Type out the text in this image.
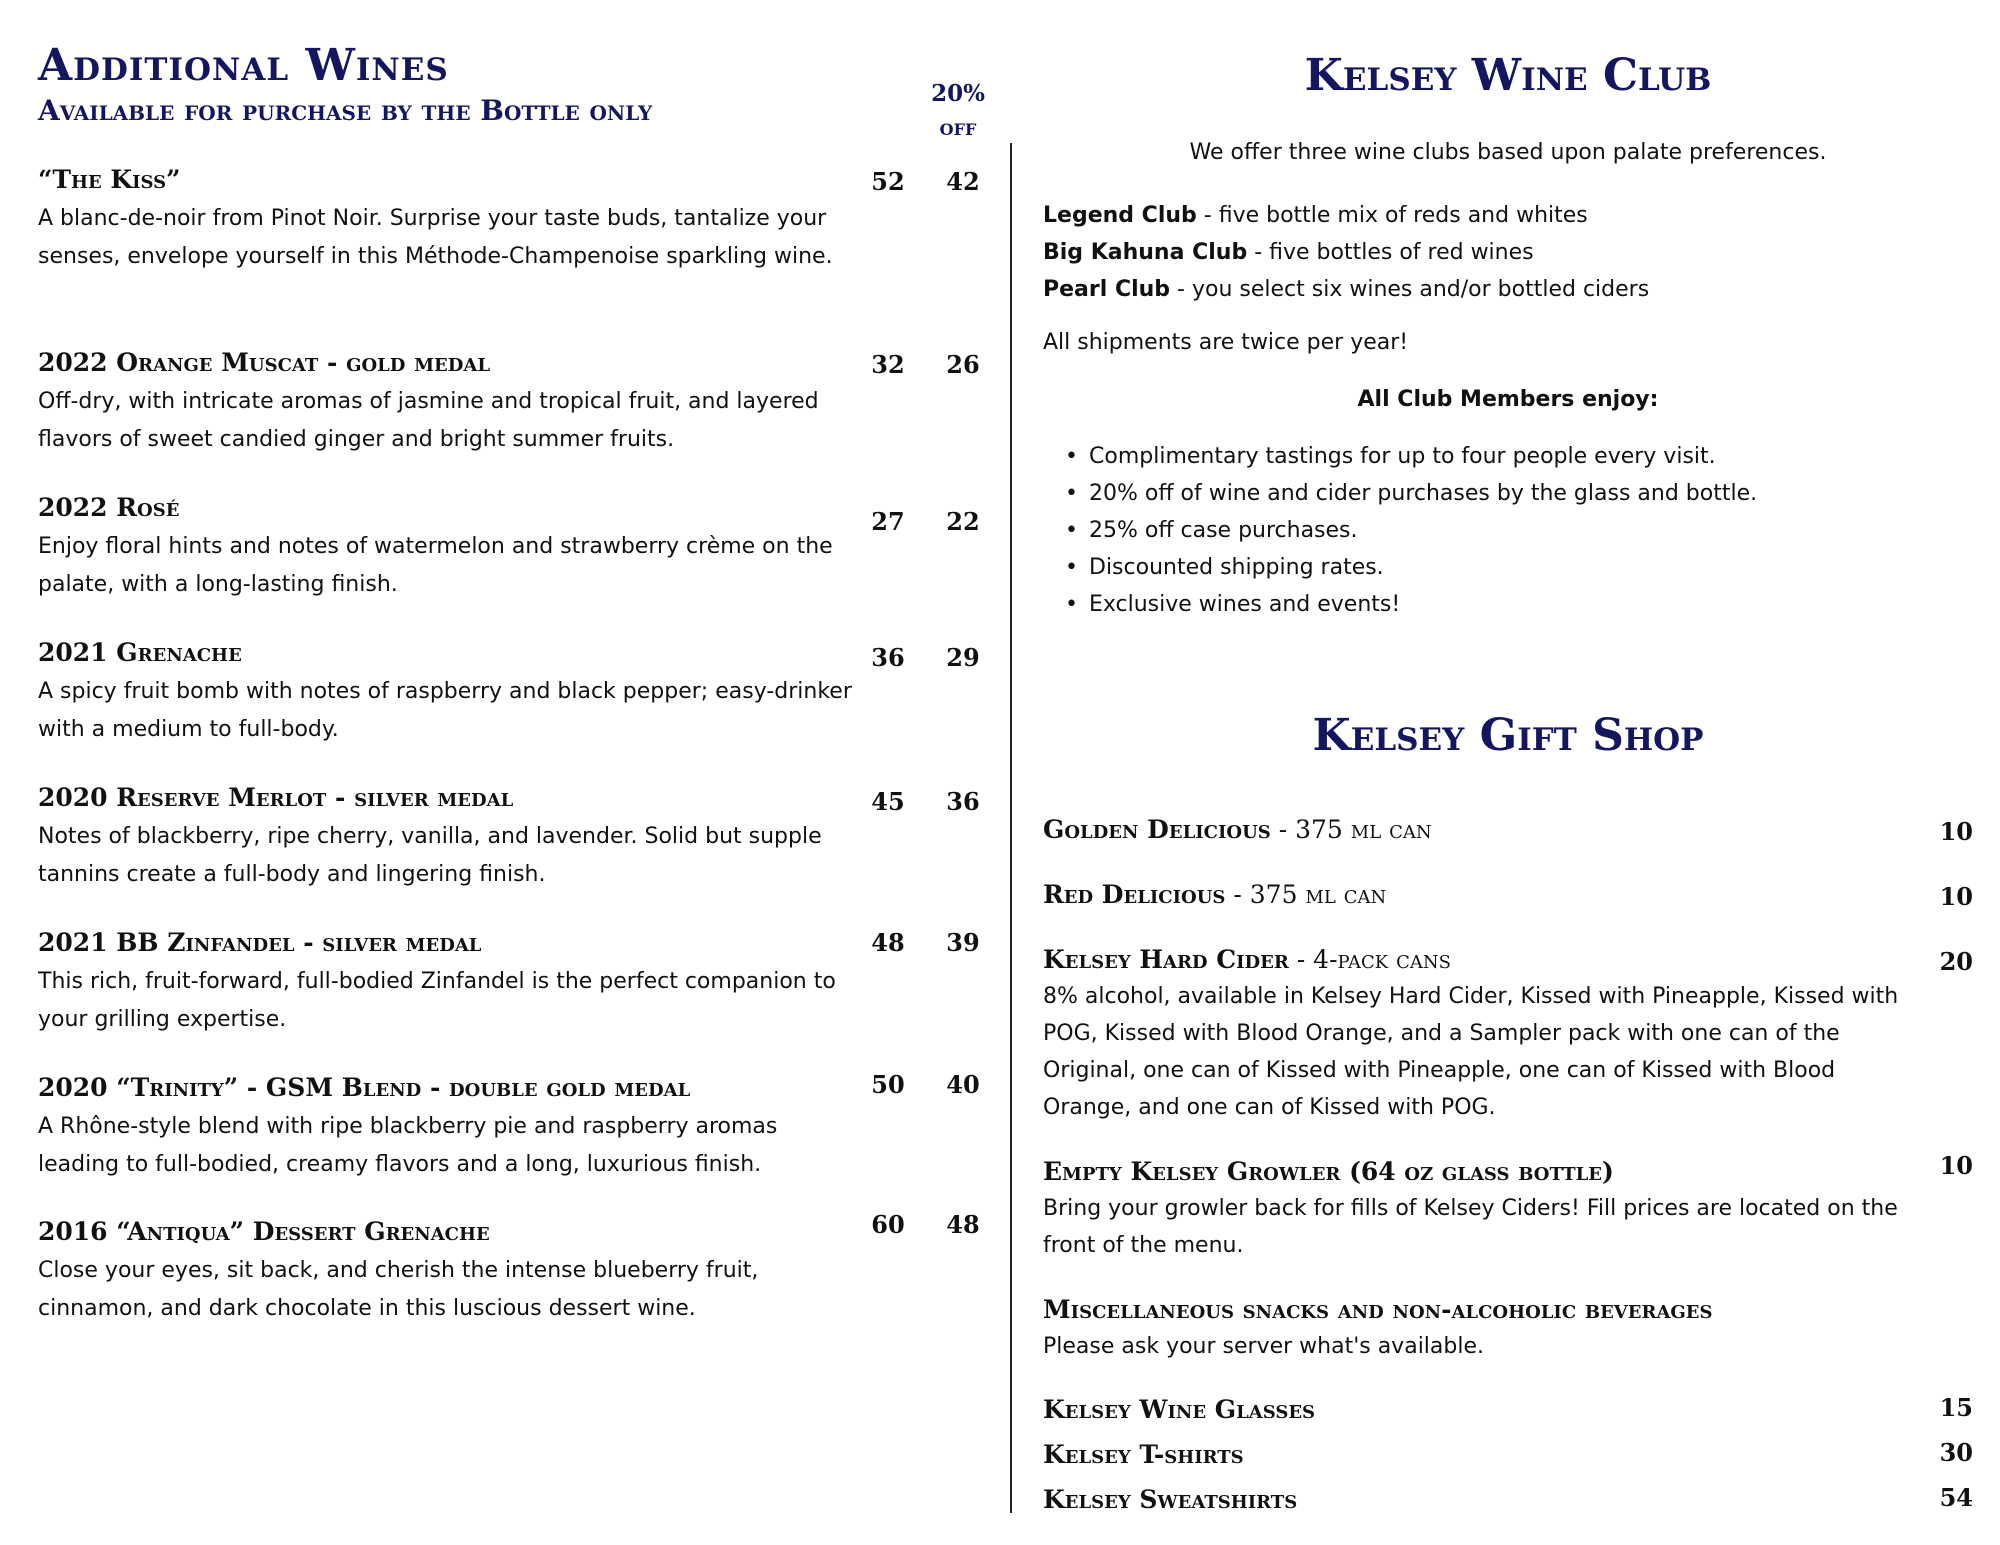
Additional Wines
Available for purchase by the Bottle only
20%
off
“The Kiss”
A blanc-de-noir from Pinot Noir. Surprise your taste buds, tantalize your senses, envelope yourself in this Méthode-Champenoise sparkling wine.
52	42
2022 Orange Muscat - gold medal
Off-dry, with intricate aromas of jasmine and tropical fruit, and layered flavors of sweet candied ginger and bright summer fruits.
32	26
2022 Rosé
Enjoy floral hints and notes of watermelon and strawberry crème on the palate, with a long-lasting finish.
27	22
2021 Grenache
A spicy fruit bomb with notes of raspberry and black pepper; easy-drinker with a medium to full-body.
36	29
2020 Reserve Merlot - silver medal
Notes of blackberry, ripe cherry, vanilla, and lavender. Solid but supple tannins create a full-body and lingering finish.
45	36
2021 BB Zinfandel - silver medal
This rich, fruit-forward, full-bodied Zinfandel is the perfect companion to your grilling expertise.
48	39
2020 “Trinity” - GSM Blend - double gold medal
A Rhône-style blend with ripe blackberry pie and raspberry aromas leading to full-bodied, creamy flavors and a long, luxurious finish.
50	40
2016 “Antiqua” Dessert Grenache
Close your eyes, sit back, and cherish the intense blueberry fruit, cinnamon, and dark chocolate in this luscious dessert wine.
60	48
Kelsey Wine Club
We offer three wine clubs based upon palate preferences.
Legend Club - five bottle mix of reds and whites
Big Kahuna Club - five bottles of red wines
Pearl Club - you select six wines and/or bottled ciders
All shipments are twice per year!
All Club Members enjoy:
• Complimentary tastings for up to four people every visit.
• 20% off of wine and cider purchases by the glass and bottle.
• 25% off case purchases.
• Discounted shipping rates.
• Exclusive wines and events!
Kelsey Gift Shop
Golden Delicious - 375 ml can	10
Red Delicious - 375 ml can	10
Kelsey Hard Cider - 4-pack cans
8% alcohol, available in Kelsey Hard Cider, Kissed with Pineapple, Kissed with POG, Kissed with Blood Orange, and a Sampler pack with one can of the Original, one can of Kissed with Pineapple, one can of Kissed with Blood Orange, and one can of Kissed with POG.
20
Empty Kelsey Growler (64 oz glass bottle)
Bring your growler back for fills of Kelsey Ciders! Fill prices are located on the front of the menu.
10
Miscellaneous snacks and non-alcoholic beverages
Please ask your server what's available.
Kelsey Wine Glasses	15
Kelsey T-shirts	30
Kelsey Sweatshirts	54
